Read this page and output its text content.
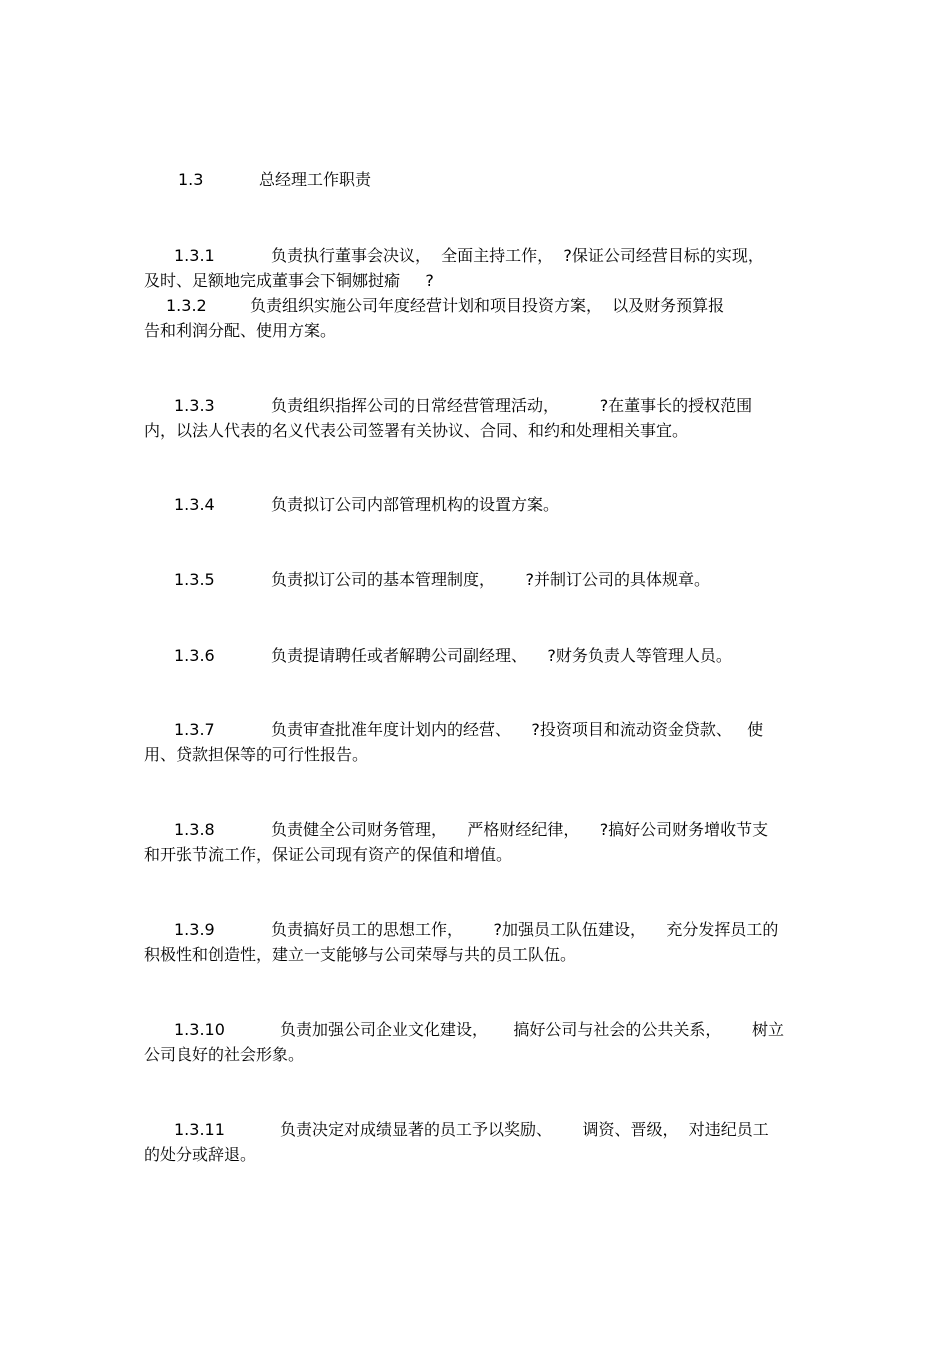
1.3	总经理工作职责
1.3.1	负责执行董事会决议，  全面主持工作，  ?保证公司经营目标的实现，
及时、足额地完成董事会下铜娜挝瘉     ?
1.3.2	负责组织实施公司年度经营计划和项目投资方案，  以及财务预算报
告和利润分配、使用方案。
1.3.3	负责组织指挥公司的日常经营管理活动，        ?在董事长的授权范围
内，以法人代表的名义代表公司签署有关协议、合同、和约和处理相关事宜。
1.3.4	负责拟订公司内部管理机构的设置方案。
1.3.5	负责拟订公司的基本管理制度，      ?并制订公司的具体规章。
1.3.6	负责提请聘任或者解聘公司副经理、    ?财务负责人等管理人员。
1.3.7	负责审查批准年度计划内的经营、    ?投资项目和流动资金贷款、   使
用、贷款担保等的可行性报告。
1.3.8	负责健全公司财务管理，    严格财经纪律，    ?搞好公司财务增收节支
和开张节流工作，保证公司现有资产的保值和增值。
1.3.9	负责搞好员工的思想工作，      ?加强员工队伍建设，    充分发挥员工的
积极性和创造性，建立一支能够与公司荣辱与共的员工队伍。
1.3.10	负责加强公司企业文化建设，     搞好公司与社会的公共关系，      树立
公司良好的社会形象。
1.3.11	负责决定对成绩显著的员工予以奖励、      调资、晋级，  对违纪员工
的处分或辞退。
